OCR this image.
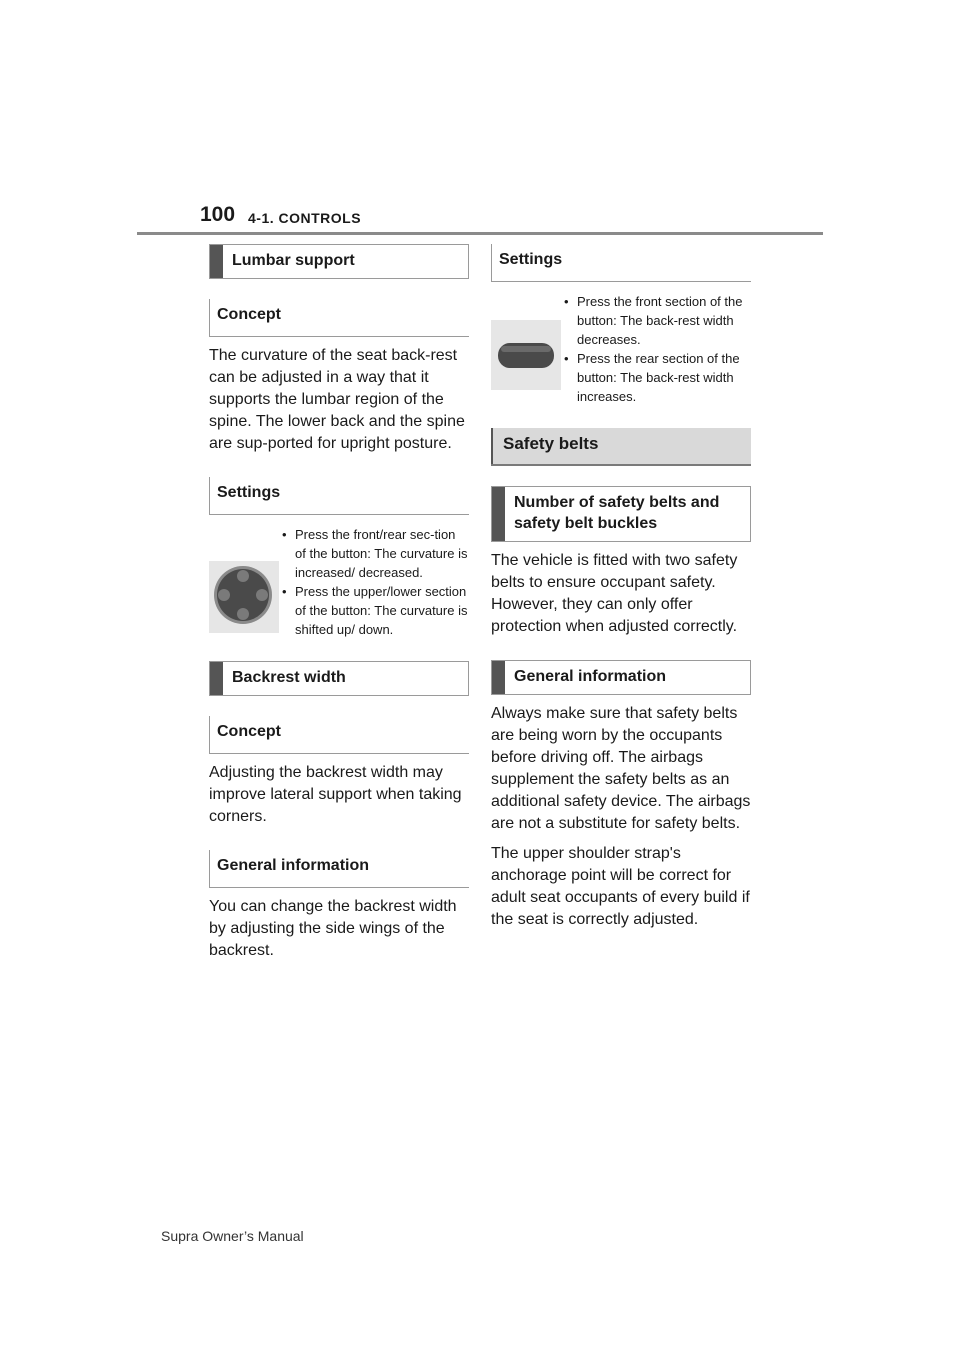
100 4-1. CONTROLS
Lumbar support
Concept

The curvature of the seat back-rest can be adjusted in a way that it supports the lumbar region of the spine. The lower back and the spine are sup-ported for upright posture.

Settings
• Press the front/rear sec-tion of the button: The curvature is increased/ decreased.
• Press the upper/lower section of the button: The curvature is shifted up/ down.
Backrest width
Concept

Adjusting the backrest width may improve lateral support when taking corners.

General information

You can change the backrest width by adjusting the side wings of the backrest.

Settings
• Press the front section of the button: The back-rest width decreases.
• Press the rear section of the button: The back-rest width increases.
Safety belts
Number of safety belts and safety belt buckles

The vehicle is fitted with two safety belts to ensure occupant safety. However, they can only offer protection when adjusted correctly.

General information

Always make sure that safety belts are being worn by the occupants before driving off. The airbags supplement the safety belts as an additional safety device. The airbags are not a substitute for safety belts.

The upper shoulder strap's anchorage point will be correct for adult seat occupants of every build if the seat is correctly adjusted.

Supra Owner’s Manual
